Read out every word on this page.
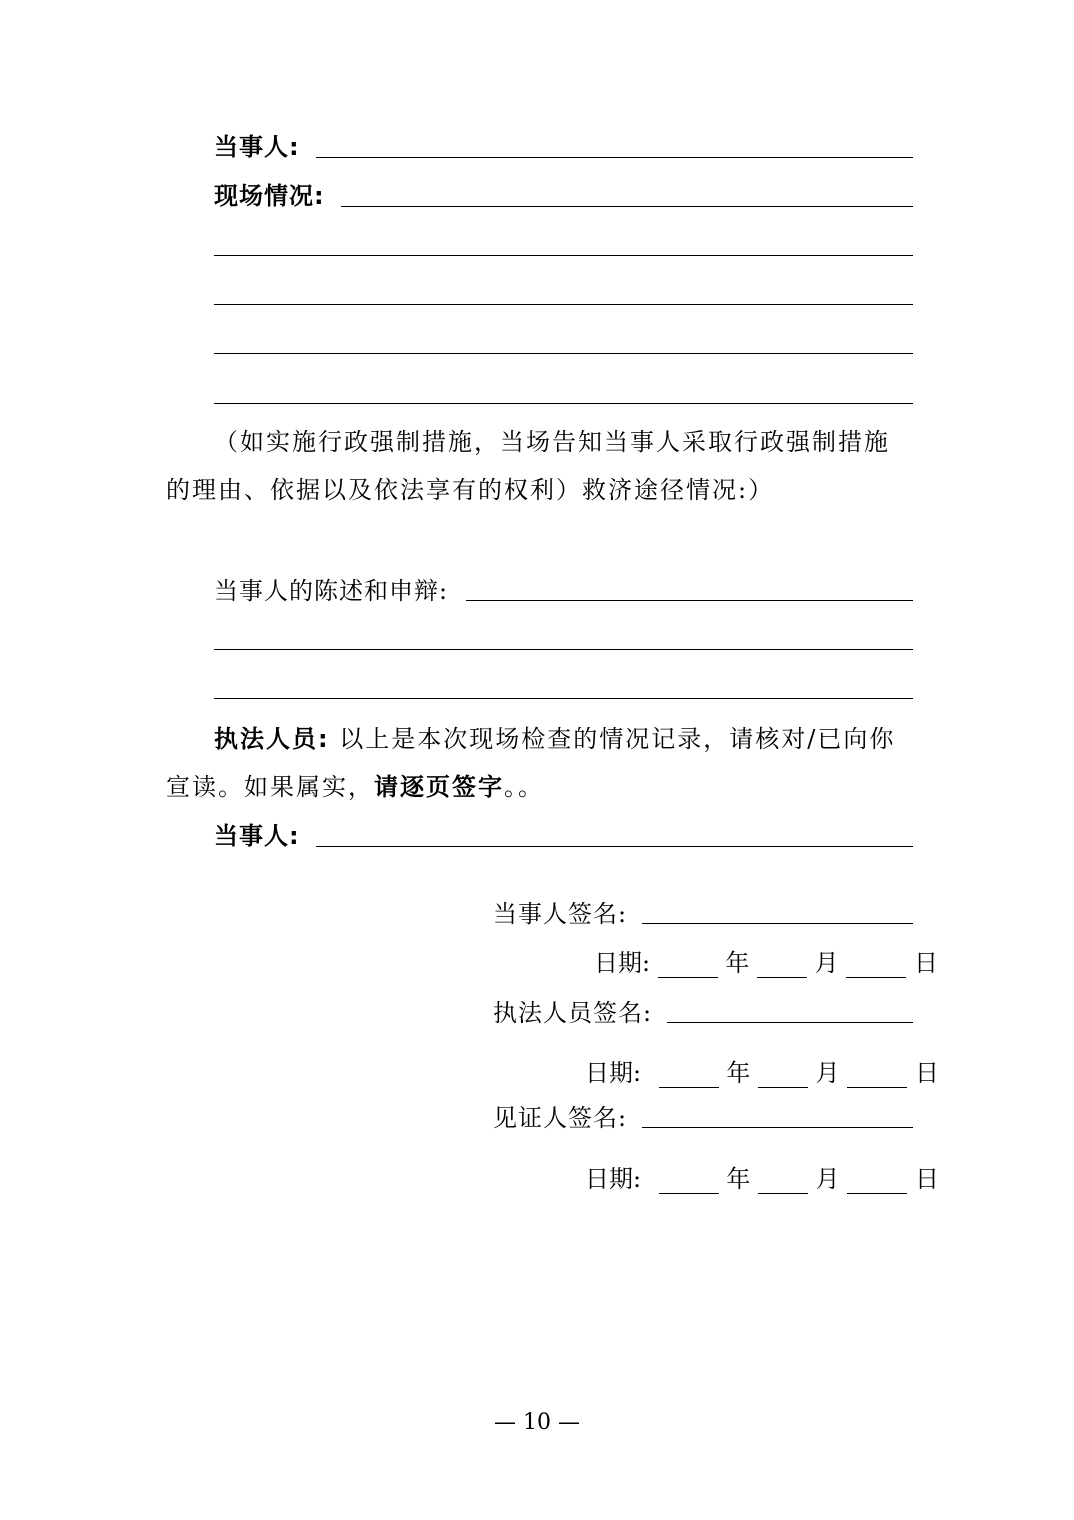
当事人:
现场情况:
（如实施行政强制措施，当场告知当事人采取行政强制措施的理由、依据以及依法享有的权利）救济途径情况:）
当事人的陈述和申辩:
执法人员: 以上是本次现场检查的情况记录，请核对/已向你宣读。如果属实，请逐页签字。。
当事人:
当事人签名:
日期:	年	月	日
执法人员签名:
日期:	年	月	日
见证人签名:
日期:	年	月	日
— 10 —
